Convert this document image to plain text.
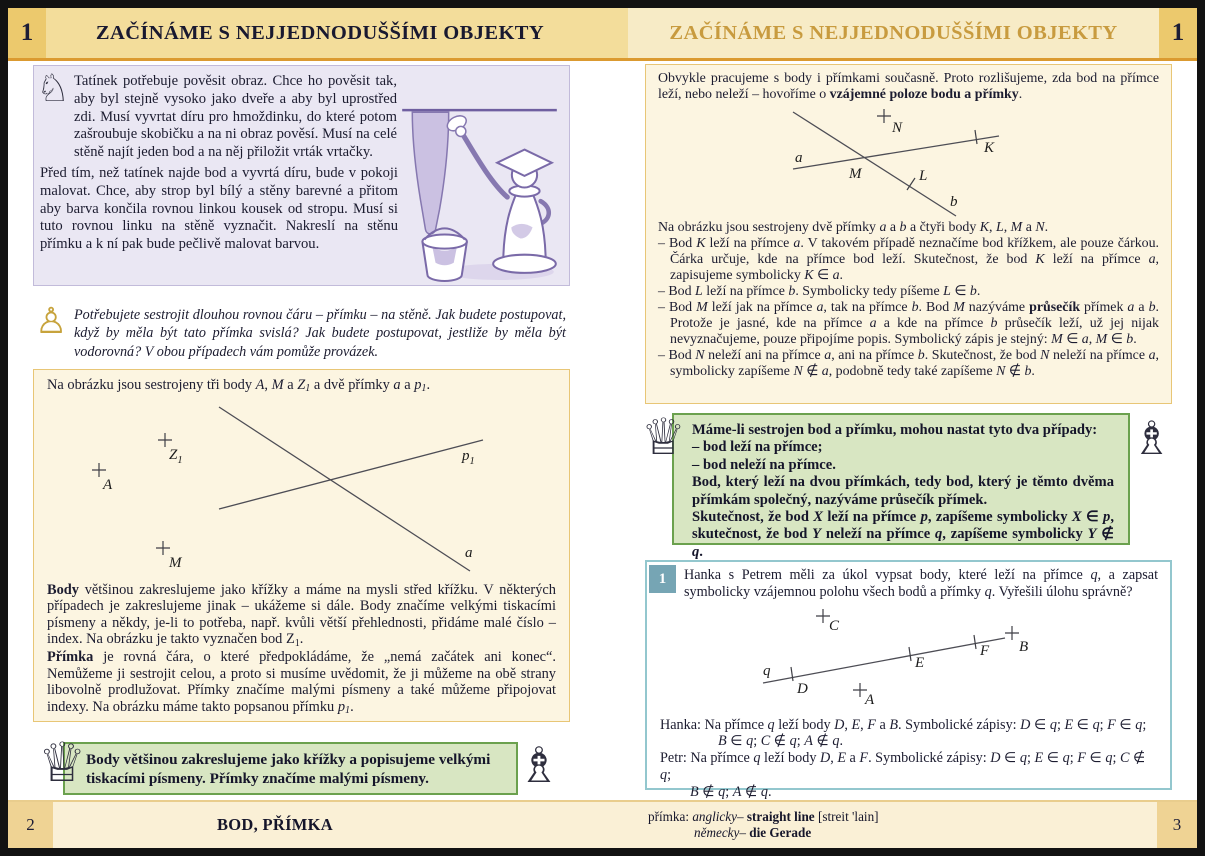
1	1
ZAČÍNÁME S NEJJEDNODUŠŠÍMI OBJEKTY	ZAČÍNÁME S NEJJEDNODUŠŠÍMI OBJEKTY

Tatínek potřebuje pověsit obraz. Chce ho pověsit tak, aby byl stejně vysoko jako dveře a aby byl uprostřed zdi. Musí vyvrtat díru pro hmoždinku, do které potom zašroubuje skobičku a na ni obraz pověsí. Musí na celé stěně najít jeden bod a na něj přiložit vrták vrtačky.

Před tím, než tatínek najde bod a vyvrtá díru, bude v pokoji malovat. Chce, aby strop byl bílý a stěny barevné a přitom aby barva končila rovnou linkou kousek od stropu. Musí si tuto rovnou linku na stěně vyznačit. Nakreslí na stěnu přímku a k ní pak bude pečlivě malovat barvou.

♘
♙ Potřebujete sestrojit dlouhou rovnou čáru – přímku – na stěně. Jak budete postupovat, když by měla být tato přímka svislá? Jak budete postupovat, jestliže by měla být vodorovná? V obou případech vám pomůže provázek.

Na obrázku jsou sestrojeny tři body A, M a Z1 a dvě přímky a a p1.

$Z_1$
A
M
$p_1$
a

Body většinou zakreslujeme jako křížky a máme na mysli střed křížku. V některých případech je zakreslujeme jinak – ukážeme si dále. Body značíme velkými tiskacími písmeny a někdy, je-li to potřeba, např. kvůli větší přehlednosti, přidáme malé číslo – index. Na obrázku je takto vyznačen bod Z1.

Přímka je rovná čára, o které předpokládáme, že „nemá začátek ani konec“. Nemůžeme ji sestrojit celou, a proto si musíme uvědomit, že ji můžeme na obě strany libovolně prodlužovat. Přímky značíme malými písmeny a také můžeme připojovat indexy. Na obrázku máme takto popsanou přímku p1.

Body většinou zakreslujeme jako křížky a popisujeme velkými tiskacími písmeny. Přímky značíme malými písmeny.

♕	♗

Obvykle pracujeme s body i přímkami současně. Proto rozlišujeme, zda bod na přímce leží, nebo neleží – hovoříme o vzájemné poloze bodu a přímky.

N
K
M	L
a
b

Na obrázku jsou sestrojeny dvě přímky a a b a čtyři body K, L, M a N.

– Bod K leží na přímce a. V takovém případě neznačíme bod křížkem, ale pouze čárkou. Čárka určuje, kde na přímce bod leží. Skutečnost, že bod K leží na přímce a, zapisujeme symbolicky K ∈ a.

– Bod L leží na přímce b. Symbolicky tedy píšeme L ∈ b.

– Bod M leží jak na přímce a, tak na přímce b. Bod M nazýváme průsečík přímek a a b. Protože je jasné, kde na přímce a a kde na přímce b průsečík leží, už jej nijak nevyznačujeme, pouze připojíme popis. Symbolický zápis je stejný: M ∈ a, M ∈ b.

– Bod N neleží ani na přímce a, ani na přímce b. Skutečnost, že bod N neleží na přímce a, symbolicky zapíšeme N ∉ a, podobně tedy také zapíšeme N ∉ b.

Máme-li sestrojen bod a přímku, mohou nastat tyto dva případy:

– bod leží na přímce;

– bod neleží na přímce.

Bod, který leží na dvou přímkách, tedy bod, který je těmto dvěma přímkám společný, nazýváme průsečík přímek.

Skutečnost, že bod X leží na přímce p, zapíšeme symbolicky X ∈ p, skutečnost, že bod Y neleží na přímce q, zapíšeme symbolicky Y ∉ q.

♕	♗

Hanka s Petrem měli za úkol vypsat body, které leží na přímce q, a zapsat symbolicky vzájemnou polohu všech bodů a přímky q. Vyřešili úlohu správně?

q
C
D
A
E
F B

Hanka: Na přímce q leží body D, E, F a B. Symbolické zápisy: D ∈ q; E ∈ q; F ∈ q;

B ∈ q; C ∉ q; A ∉ q.

Petr: Na přímce q leží body D, E a F. Symbolické zápisy: D ∈ q; E ∈ q; F ∈ q; C ∉ q;

B ∉ q; A ∉ q.

1
2	3
BOD, PŘÍMKA	přímka: anglicky– straight line [streit 'lain]

německy– die Gerade
